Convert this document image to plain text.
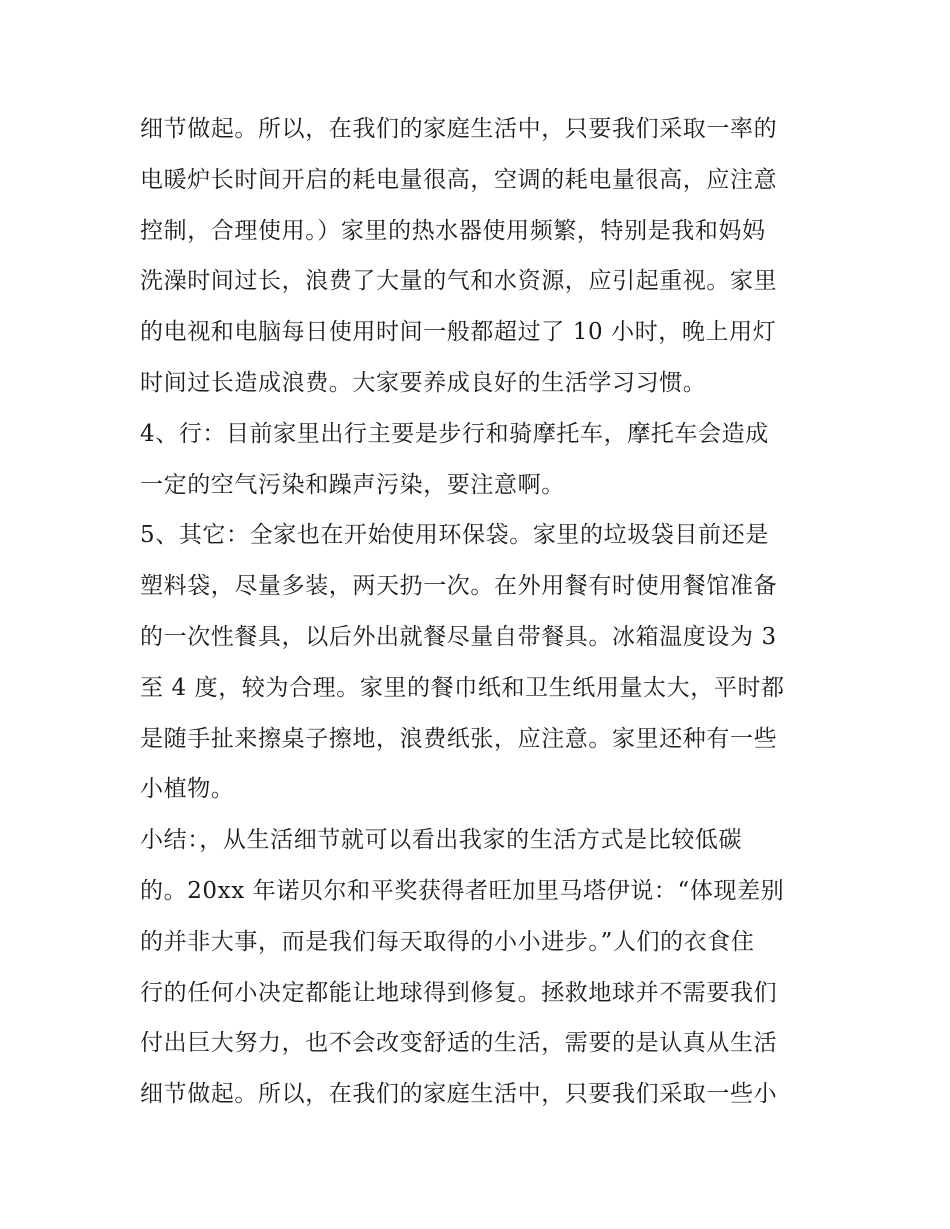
细节做起。所以，在我们的家庭生活中，只要我们采取一率的
电暖炉长时间开启的耗电量很高，空调的耗电量很高，应注意
控制，合理使用。）家里的热水器使用频繁，特别是我和妈妈
洗澡时间过长，浪费了大量的气和水资源，应引起重视。家里
的电视和电脑每日使用时间一般都超过了 10 小时，晚上用灯
时间过长造成浪费。大家要养成良好的生活学习习惯。
4、行：目前家里出行主要是步行和骑摩托车，摩托车会造成
一定的空气污染和躁声污染，要注意啊。
5、其它：全家也在开始使用环保袋。家里的垃圾袋目前还是
塑料袋，尽量多装，两天扔一次。在外用餐有时使用餐馆准备
的一次性餐具，以后外出就餐尽量自带餐具。冰箱温度设为 3
至 4 度，较为合理。家里的餐巾纸和卫生纸用量太大，平时都
是随手扯来擦桌子擦地，浪费纸张，应注意。家里还种有一些
小植物。
小结：，从生活细节就可以看出我家的生活方式是比较低碳
的。20xx 年诺贝尔和平奖获得者旺加里马塔伊说：“体现差别
的并非大事，而是我们每天取得的小小进步。”人们的衣食住
行的任何小决定都能让地球得到修复。拯救地球并不需要我们
付出巨大努力，也不会改变舒适的生活，需要的是认真从生活
细节做起。所以，在我们的家庭生活中，只要我们采取一些小
